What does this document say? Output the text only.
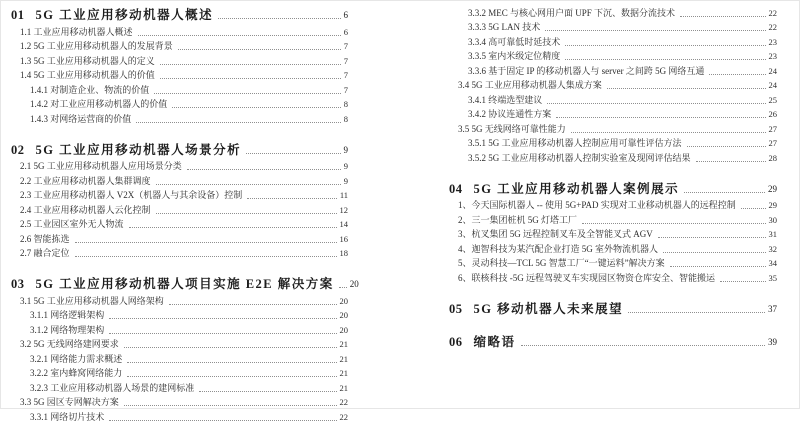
01 5G 工业应用移动机器人概述	6
1.1 工业应用移动机器人概述	6
1.2 5G 工业应用移动机器人的发展背景	7
1.3 5G 工业应用移动机器人的定义	7
1.4 5G 工业应用移动机器人的价值	7
1.4.1 对制造企业、物流的价值	7
1.4.2 对工业应用移动机器人的价值	8
1.4.3 对网络运营商的价值	8
02 5G 工业应用移动机器人场景分析	9
2.1 5G 工业应用移动机器人应用场景分类	9
2.2 工业应用移动机器人集群调度	9
2.3 工业应用移动机器人 V2X（机器人与其余设备）控制	11
2.4 工业应用移动机器人云化控制	12
2.5 工业园区室外无人物流	14
2.6 智能拣选	16
2.7 融合定位	18
03 5G 工业应用移动机器人项目实施 E2E 解决方案 20
3.1 5G 工业应用移动机器人网络架构	20
3.1.1 网络逻辑架构	20
3.1.2 网络物理架构	20
3.2 5G 无线网络建网要求	21
3.2.1 网络能力需求概述	21
3.2.2 室内蜂窝网络能力	21
3.2.3 工业应用移动机器人场景的建网标准	21
3.3 5G 园区专网解决方案	22
3.3.1 网络切片技术	22
3.3.2 MEC 与核心网用户面 UPF 下沉、数据分流技术	22
3.3.3 5G LAN 技术	22
3.3.4 高可靠低时延技术	23
3.3.5 室内米级定位精度	23
3.3.6 基于固定 IP 的移动机器人与 server 之间跨 5G 网络互通	24
3.4 5G 工业应用移动机器人集成方案	24
3.4.1 终端选型建议	25
3.4.2 协议连通性方案	26
3.5 5G 无线网络可靠性能力	27
3.5.1 5G 工业应用移动机器人控制应用可靠性评估方法	27
3.5.2 5G 工业应用移动机器人控制实验室及现网评估结果	28
04 5G 工业应用移动机器人案例展示	29
1、今天国际机器人 -- 使用 5G+PAD 实现对工业移动机器人的远程控制	29
2、三一集团桩机 5G 灯塔工厂	30
3、杭叉集团 5G 远程控制叉车及全智能叉式 AGV	31
4、迦智科技为某汽配企业打造 5G 室外物流机器人	32
5、灵动科技—TCL 5G 智慧工厂“一键运料”解决方案	34
6、联核科技 -5G 远程驾驶叉车实现园区物资仓库安全、智能搬运	35
05 5G 移动机器人未来展望	37
06 缩略语	39
